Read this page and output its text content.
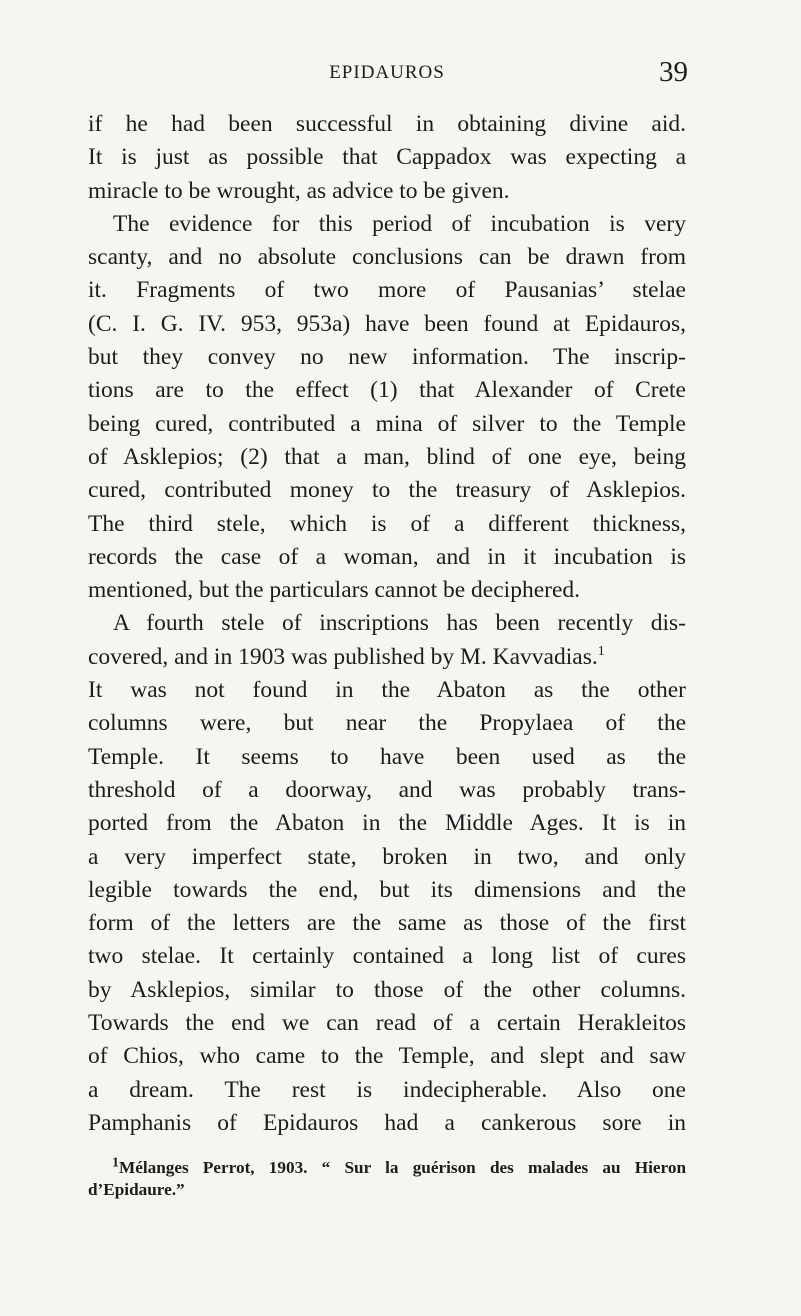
EPIDAUROS	39
if he had been successful in obtaining divine aid.
It is just as possible that Cappadox was expecting a
miracle to be wrought, as advice to be given.
The evidence for this period of incubation is very
scanty, and no absolute conclusions can be drawn from
it. Fragments of two more of Pausanias’ stelae
(C. I. G. IV. 953, 953a) have been found at Epidauros,
but they convey no new information. The inscrip-
tions are to the effect (1) that Alexander of Crete
being cured, contributed a mina of silver to the Temple
of Asklepios; (2) that a man, blind of one eye, being
cured, contributed money to the treasury of Asklepios.
The third stele, which is of a different thickness,
records the case of a woman, and in it incubation is
mentioned, but the particulars cannot be deciphered.
A fourth stele of inscriptions has been recently dis-
covered, and in 1903 was published by M. Kavvadias.$^1$
It was not found in the Abaton as the other
columns were, but near the Propylaea of the
Temple. It seems to have been used as the
threshold of a doorway, and was probably trans-
ported from the Abaton in the Middle Ages. It is in
a very imperfect state, broken in two, and only
legible towards the end, but its dimensions and the
form of the letters are the same as those of the first
two stelae. It certainly contained a long list of cures
by Asklepios, similar to those of the other columns.
Towards the end we can read of a certain Herakleitos
of Chios, who came to the Temple, and slept and saw
a dream. The rest is indecipherable. Also one
Pamphanis of Epidauros had a cankerous sore in
$^1$Mélanges Perrot, 1903. “ Sur la guérison des malades au Hieron
d’Epidaure.”
